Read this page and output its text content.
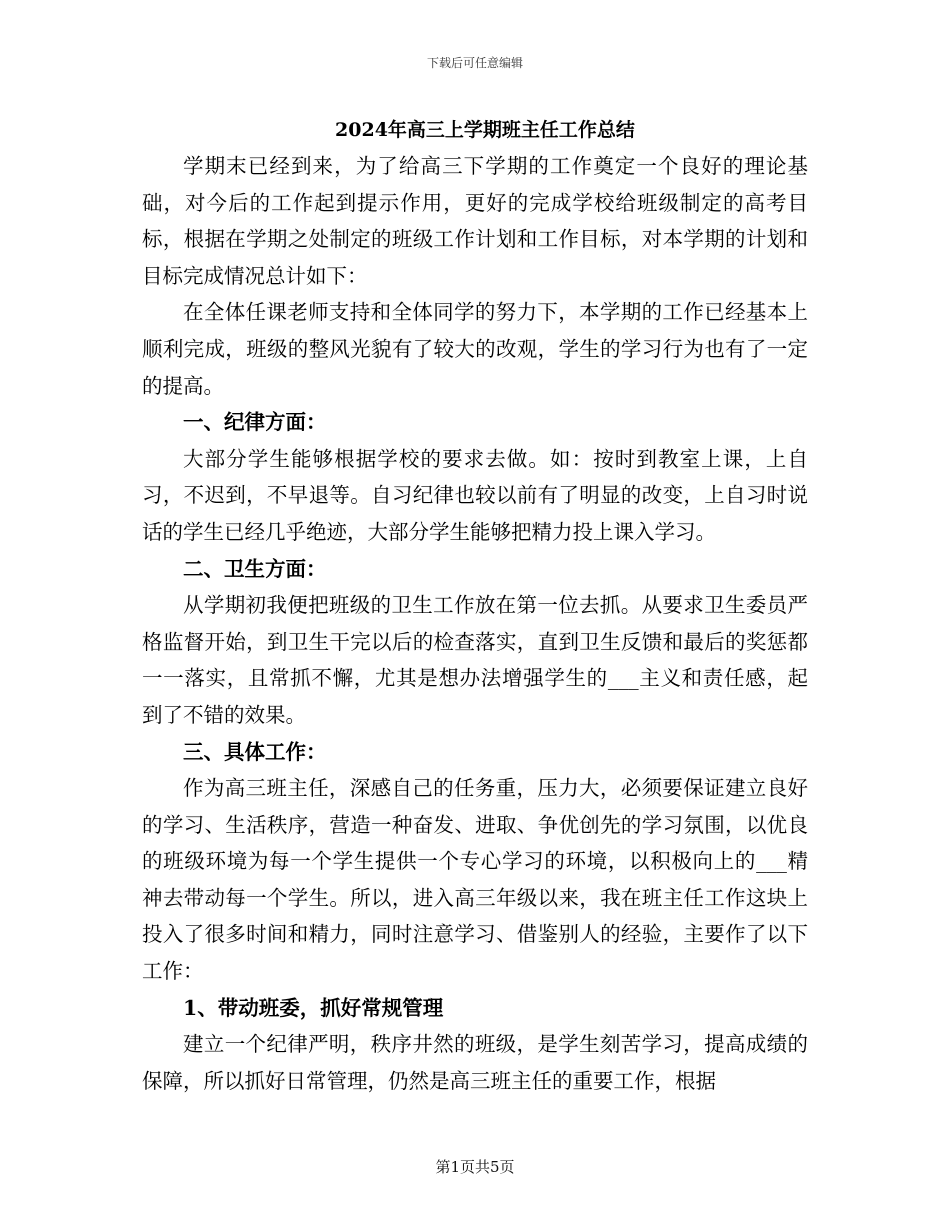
下载后可任意编辑
2024年高三上学期班主任工作总结

学期末已经到来，为了给高三下学期的工作奠定一个良好的理论基础，对今后的工作起到提示作用，更好的完成学校给班级制定的高考目标，根据在学期之处制定的班级工作计划和工作目标，对本学期的计划和目标完成情况总计如下：

在全体任课老师支持和全体同学的努力下，本学期的工作已经基本上顺利完成，班级的整风光貌有了较大的改观，学生的学习行为也有了一定的提高。

一、纪律方面：

大部分学生能够根据学校的要求去做。如：按时到教室上课，上自习，不迟到，不早退等。自习纪律也较以前有了明显的改变，上自习时说话的学生已经几乎绝迹，大部分学生能够把精力投上课入学习。

二、卫生方面：

从学期初我便把班级的卫生工作放在第一位去抓。从要求卫生委员严格监督开始，到卫生干完以后的检查落实，直到卫生反馈和最后的奖惩都一一落实，且常抓不懈，尤其是想办法增强学生的___主义和责任感，起到了不错的效果。

三、具体工作：

作为高三班主任，深感自己的任务重，压力大，必须要保证建立良好的学习、生活秩序，营造一种奋发、进取、争优创先的学习氛围，以优良的班级环境为每一个学生提供一个专心学习的环境，以积极向上的___精神去带动每一个学生。所以，进入高三年级以来，我在班主任工作这块上投入了很多时间和精力，同时注意学习、借鉴别人的经验，主要作了以下工作：

1、带动班委，抓好常规管理

建立一个纪律严明，秩序井然的班级，是学生刻苦学习，提高成绩的保障，所以抓好日常管理，仍然是高三班主任的重要工作，根据

第1页共5页
